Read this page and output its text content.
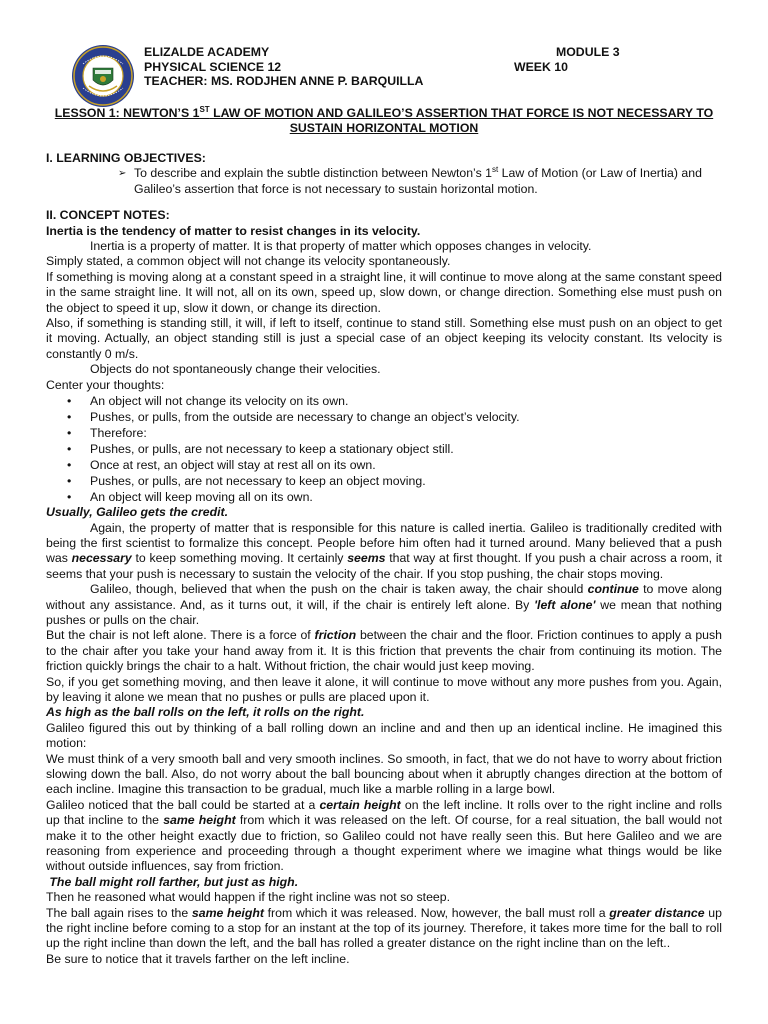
ELIZALDE ACADEMY
PHYSICAL SCIENCE 12
TEACHER: MS. RODJHEN ANNE P. BARQUILLA
MODULE 3
WEEK 10
LESSON 1: NEWTON’S 1ST LAW OF MOTION AND GALILEO’S ASSERTION THAT FORCE IS NOT NECESSARY TO SUSTAIN HORIZONTAL MOTION

I. LEARNING OBJECTIVES:

➢ To describe and explain the subtle distinction between Newton’s 1st Law of Motion (or Law of Inertia) and Galileo’s assertion that force is not necessary to sustain horizontal motion.

II. CONCEPT NOTES:

Inertia is the tendency of matter to resist changes in its velocity.

Inertia is a property of matter. It is that property of matter which opposes changes in velocity.

Simply stated, a common object will not change its velocity spontaneously.

If something is moving along at a constant speed in a straight line, it will continue to move along at the same constant speed in the same straight line. It will not, all on its own, speed up, slow down, or change direction. Something else must push on the object to speed it up, slow it down, or change its direction.

Also, if something is standing still, it will, if left to itself, continue to stand still. Something else must push on an object to get it moving. Actually, an object standing still is just a special case of an object keeping its velocity constant. Its velocity is constantly 0 m/s.

Objects do not spontaneously change their velocities.

Center your thoughts:

• An object will not change its velocity on its own.
• Pushes, or pulls, from the outside are necessary to change an object’s velocity.
• Therefore:
• Pushes, or pulls, are not necessary to keep a stationary object still.
• Once at rest, an object will stay at rest all on its own.
• Pushes, or pulls, are not necessary to keep an object moving.
• An object will keep moving all on its own.

Usually, Galileo gets the credit.

Again, the property of matter that is responsible for this nature is called inertia. Galileo is traditionally credited with being the first scientist to formalize this concept. People before him often had it turned around. Many believed that a push was necessary to keep something moving. It certainly seems that way at first thought. If you push a chair across a room, it seems that your push is necessary to sustain the velocity of the chair. If you stop pushing, the chair stops moving.

Galileo, though, believed that when the push on the chair is taken away, the chair should continue to move along without any assistance. And, as it turns out, it will, if the chair is entirely left alone. By 'left alone' we mean that nothing pushes or pulls on the chair.

But the chair is not left alone. There is a force of friction between the chair and the floor. Friction continues to apply a push to the chair after you take your hand away from it. It is this friction that prevents the chair from continuing its motion. The friction quickly brings the chair to a halt. Without friction, the chair would just keep moving.

So, if you get something moving, and then leave it alone, it will continue to move without any more pushes from you. Again, by leaving it alone we mean that no pushes or pulls are placed upon it.

As high as the ball rolls on the left, it rolls on the right.

Galileo figured this out by thinking of a ball rolling down an incline and and then up an identical incline. He imagined this motion:

We must think of a very smooth ball and very smooth inclines. So smooth, in fact, that we do not have to worry about friction slowing down the ball. Also, do not worry about the ball bouncing about when it abruptly changes direction at the bottom of each incline. Imagine this transaction to be gradual, much like a marble rolling in a large bowl.

Galileo noticed that the ball could be started at a certain height on the left incline. It rolls over to the right incline and rolls up that incline to the same height from which it was released on the left. Of course, for a real situation, the ball would not make it to the other height exactly due to friction, so Galileo could not have really seen this. But here Galileo and we are reasoning from experience and proceeding through a thought experiment where we imagine what things would be like without outside influences, say from friction.

The ball might roll farther, but just as high.

Then he reasoned what would happen if the right incline was not so steep.

The ball again rises to the same height from which it was released. Now, however, the ball must roll a greater distance up the right incline before coming to a stop for an instant at the top of its journey. Therefore, it takes more time for the ball to roll up the right incline than down the left, and the ball has rolled a greater distance on the right incline than on the left..

Be sure to notice that it travels farther on the left incline.
